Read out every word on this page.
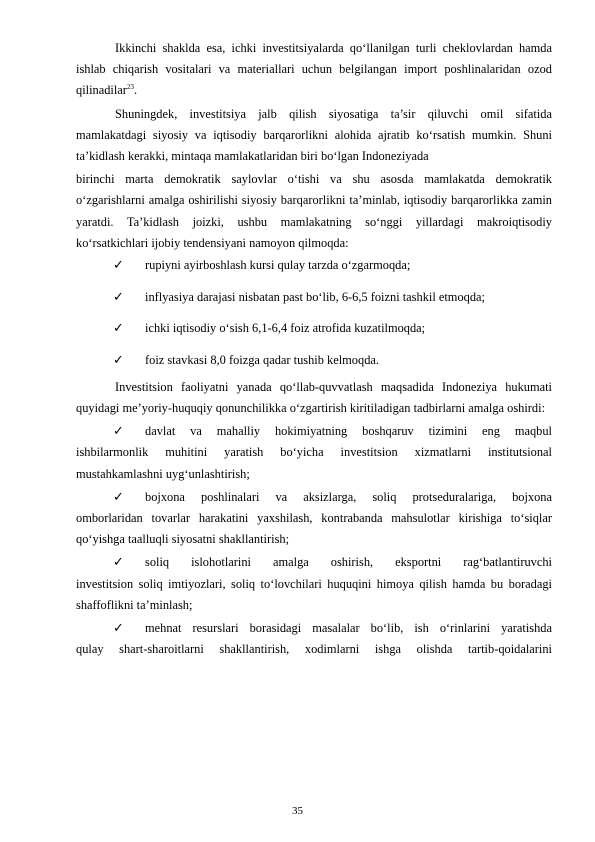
Ikkinchi shaklda esa, ichki investitsiyalarda qo‘llanilgan turli cheklovlardan hamda ishlab chiqarish vositalari va materiallari uchun belgilangan import poshlinalaridan ozod qilinadilar$^{23}$.

Shuningdek, investitsiya jalb qilish siyosatiga ta’sir qiluvchi omil sifatida mamlakatdagi siyosiy va iqtisodiy barqarorlikni alohida ajratib ko‘rsatish mumkin. Shuni ta’kidlash kerakki, mintaqa mamlakatlaridan biri bo‘lgan Indoneziyada

birinchi marta demokratik saylovlar o‘tishi va shu asosda mamlakatda demokratik o‘zgarishlarni amalga oshirilishi siyosiy barqarorlikni ta’minlab, iqtisodiy barqarorlikka zamin yaratdi. Ta’kidlash joizki, ushbu mamlakatning so‘nggi yillardagi makroiqtisodiy ko‘rsatkichlari ijobiy tendensiyani namoyon qilmoqda:

✓ rupiyni ayirboshlash kursi qulay tarzda o‘zgarmoqda;

✓ inflyasiya darajasi nisbatan past bo‘lib, 6-6,5 foizni tashkil etmoqda;

✓ ichki iqtisodiy o‘sish 6,1-6,4 foiz atrofida kuzatilmoqda;

✓ foiz stavkasi 8,0 foizga qadar tushib kelmoqda.

Investitsion faoliyatni yanada qo‘llab-quvvatlash maqsadida Indoneziya hukumati quyidagi me’yoriy-huquqiy qonunchilikka o‘zgartirish kiritiladigan tadbirlarni amalga oshirdi:

✓	davlat va mahalliy hokimiyatning boshqaruv tizimini eng maqbul
ishbilarmonlik muhitini yaratish bo‘yicha investitsion xizmatlarni institutsional mustahkamlashni uyg‘unlashtirish;

✓	bojxona poshlinalari va aksizlarga, soliq protseduralariga, bojxona
omborlaridan tovarlar harakatini yaxshilash, kontrabanda mahsulotlar kirishiga to‘siqlar qo‘yishga taalluqli siyosatni shakllantirish;

✓	soliq islohotlarini amalga oshirish, eksportni rag‘batlantiruvchi
investitsion soliq imtiyozlari, soliq to‘lovchilari huquqini himoya qilish hamda bu boradagi shaffoflikni ta’minlash;

✓	mehnat resurslari borasidagi masalalar bo‘lib, ish o‘rinlarini yaratishda
qulay shart-sharoitlarni shakllantirish, xodimlarni ishga olishda tartib-qoidalarini

35
